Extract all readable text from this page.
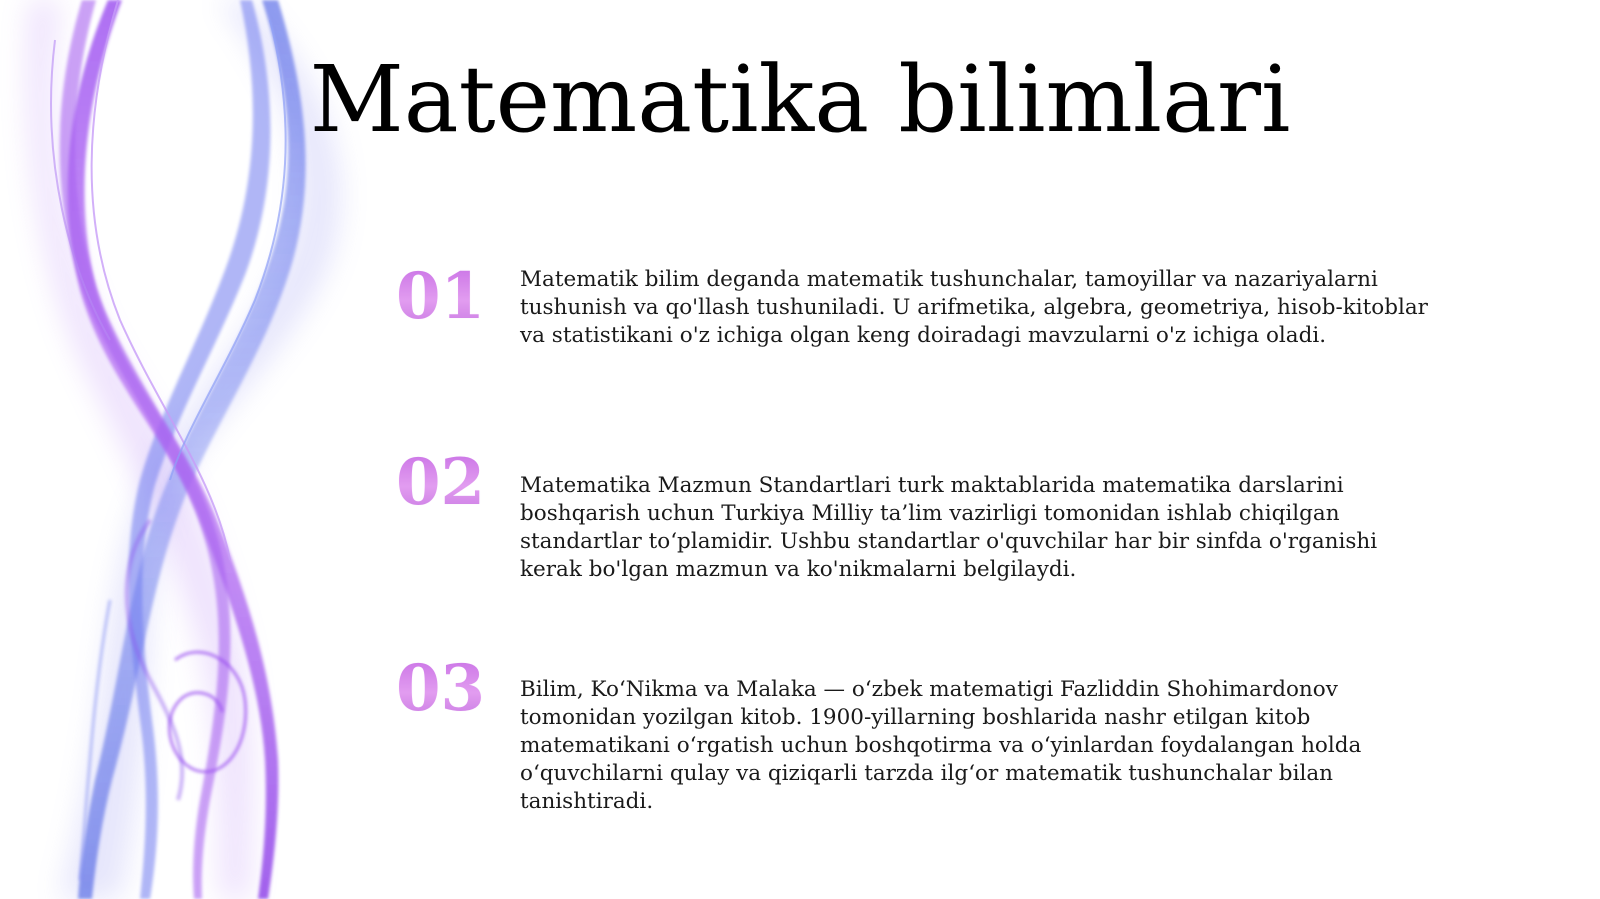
Matematika bilimlari
01	Matematik bilim deganda matematik tushunchalar, tamoyillar va nazariyalarni tushunish va qo'llash tushuniladi. U arifmetika, algebra, geometriya, hisob-kitoblar va statistikani o'z ichiga olgan keng doiradagi mavzularni o'z ichiga oladi.
02	Matematika Mazmun Standartlari turk maktablarida matematika darslarini boshqarish uchun Turkiya Milliy ta’lim vazirligi tomonidan ishlab chiqilgan standartlar to‘plamidir. Ushbu standartlar o'quvchilar har bir sinfda o'rganishi kerak bo'lgan mazmun va ko'nikmalarni belgilaydi.
03	Bilim, Ko‘Nikma va Malaka — o‘zbek matematigi Fazliddin Shohimardonov tomonidan yozilgan kitob. 1900-yillarning boshlarida nashr etilgan kitob matematikani o‘rgatish uchun boshqotirma va o‘yinlardan foydalangan holda o‘quvchilarni qulay va qiziqarli tarzda ilg‘or matematik tushunchalar bilan tanishtiradi.
